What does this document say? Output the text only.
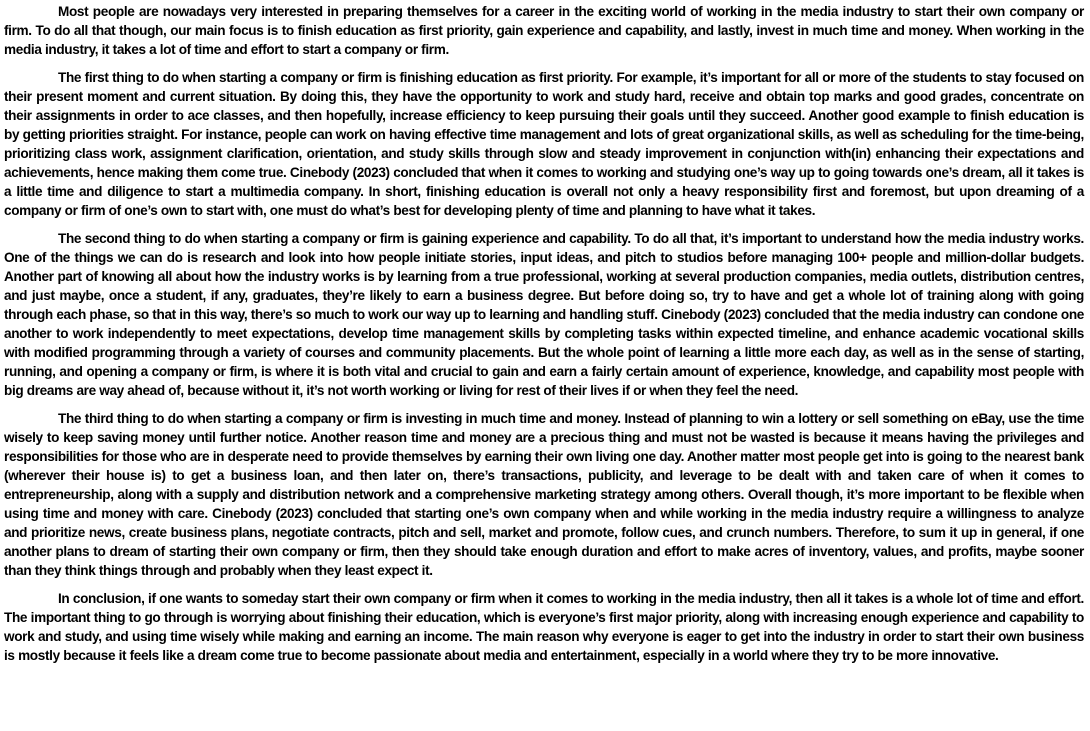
Most people are nowadays very interested in preparing themselves for a career in the exciting world of working in the media industry to start their own company or firm. To do all that though, our main focus is to finish education as first priority, gain experience and capability, and lastly, invest in much time and money. When working in the media industry, it takes a lot of time and effort to start a company or firm.

The first thing to do when starting a company or firm is finishing education as first priority. For example, it’s important for all or more of the students to stay focused on their present moment and current situation. By doing this, they have the opportunity to work and study hard, receive and obtain top marks and good grades, concentrate on their assignments in order to ace classes, and then hopefully, increase efficiency to keep pursuing their goals until they succeed. Another good example to finish education is by getting priorities straight. For instance, people can work on having effective time management and lots of great organizational skills, as well as scheduling for the time-being, prioritizing class work, assignment clarification, orientation, and study skills through slow and steady improvement in conjunction with(in) enhancing their expectations and achievements, hence making them come true. Cinebody (2023) concluded that when it comes to working and studying one’s way up to going towards one’s dream, all it takes is a little time and diligence to start a multimedia company. In short, finishing education is overall not only a heavy responsibility first and foremost, but upon dreaming of a company or firm of one’s own to start with, one must do what’s best for developing plenty of time and planning to have what it takes.

The second thing to do when starting a company or firm is gaining experience and capability. To do all that, it’s important to understand how the media industry works. One of the things we can do is research and look into how people initiate stories, input ideas, and pitch to studios before managing 100+ people and million-dollar budgets. Another part of knowing all about how the industry works is by learning from a true professional, working at several production companies, media outlets, distribution centres, and just maybe, once a student, if any, graduates, they’re likely to earn a business degree. But before doing so, try to have and get a whole lot of training along with going through each phase, so that in this way, there’s so much to work our way up to learning and handling stuff. Cinebody (2023) concluded that the media industry can condone one another to work independently to meet expectations, develop time management skills by completing tasks within expected timeline, and enhance academic vocational skills with modified programming through a variety of courses and community placements. But the whole point of learning a little more each day, as well as in the sense of starting, running, and opening a company or firm, is where it is both vital and crucial to gain and earn a fairly certain amount of experience, knowledge, and capability most people with big dreams are way ahead of, because without it, it’s not worth working or living for rest of their lives if or when they feel the need.

The third thing to do when starting a company or firm is investing in much time and money. Instead of planning to win a lottery or sell something on eBay, use the time wisely to keep saving money until further notice. Another reason time and money are a precious thing and must not be wasted is because it means having the privileges and responsibilities for those who are in desperate need to provide themselves by earning their own living one day. Another matter most people get into is going to the nearest bank (wherever their house is) to get a business loan, and then later on, there’s transactions, publicity, and leverage to be dealt with and taken care of when it comes to entrepreneurship, along with a supply and distribution network and a comprehensive marketing strategy among others. Overall though, it’s more important to be flexible when using time and money with care. Cinebody (2023) concluded that starting one’s own company when and while working in the media industry require a willingness to analyze and prioritize news, create business plans, negotiate contracts, pitch and sell, market and promote, follow cues, and crunch numbers. Therefore, to sum it up in general, if one another plans to dream of starting their own company or firm, then they should take enough duration and effort to make acres of inventory, values, and profits, maybe sooner than they think things through and probably when they least expect it.

In conclusion, if one wants to someday start their own company or firm when it comes to working in the media industry, then all it takes is a whole lot of time and effort. The important thing to go through is worrying about finishing their education, which is everyone’s first major priority, along with increasing enough experience and capability to work and study, and using time wisely while making and earning an income. The main reason why everyone is eager to get into the industry in order to start their own business is mostly because it feels like a dream come true to become passionate about media and entertainment, especially in a world where they try to be more innovative.
